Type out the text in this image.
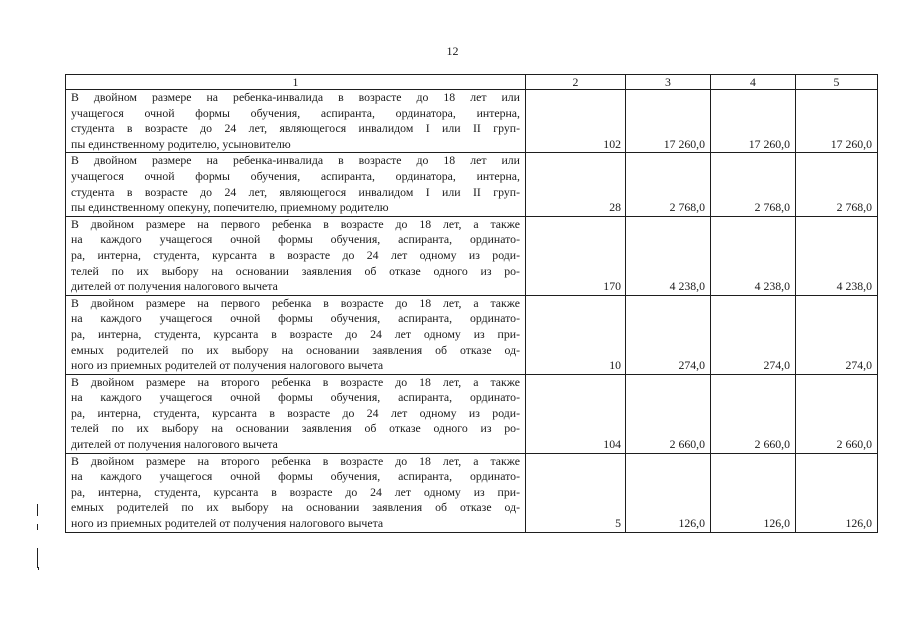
12
1	2	3	4	5

В двойном размере на ребенка-инвалида в возрасте до 18 лет или
учащегося очной формы обучения, аспиранта, ординатора, интерна,
студента в возрасте до 24 лет, являющегося инвалидом I или II груп-
пы единственному родителю, усыновителю	102	17 260,0	17 260,0	17 260,0

В двойном размере на ребенка-инвалида в возрасте до 18 лет или
учащегося очной формы обучения, аспиранта, ординатора, интерна,
студента в возрасте до 24 лет, являющегося инвалидом I или II груп-
пы единственному опекуну, попечителю, приемному родителю	28	2 768,0	2 768,0	2 768,0

В двойном размере на первого ребенка в возрасте до 18 лет, а также
на каждого учащегося очной формы обучения, аспиранта, ординато-
ра, интерна, студента, курсанта в возрасте до 24 лет одному из роди-
телей по их выбору на основании заявления об отказе одного из ро-
дителей от получения налогового вычета	170	4 238,0	4 238,0	4 238,0

В двойном размере на первого ребенка в возрасте до 18 лет, а также
на каждого учащегося очной формы обучения, аспиранта, ординато-
ра, интерна, студента, курсанта в возрасте до 24 лет одному из при-
емных родителей по их выбору на основании заявления об отказе од-
ного из приемных родителей от получения налогового вычета	10	274,0	274,0	274,0

В двойном размере на второго ребенка в возрасте до 18 лет, а также
на каждого учащегося очной формы обучения, аспиранта, ординато-
ра, интерна, студента, курсанта в возрасте до 24 лет одному из роди-
телей по их выбору на основании заявления об отказе одного из ро-
дителей от получения налогового вычета	104	2 660,0	2 660,0	2 660,0

В двойном размере на второго ребенка в возрасте до 18 лет, а также
на каждого учащегося очной формы обучения, аспиранта, ординато-
ра, интерна, студента, курсанта в возрасте до 24 лет одному из при-
емных родителей по их выбору на основании заявления об отказе од-
ного из приемных родителей от получения налогового вычета	5	126,0	126,0	126,0
